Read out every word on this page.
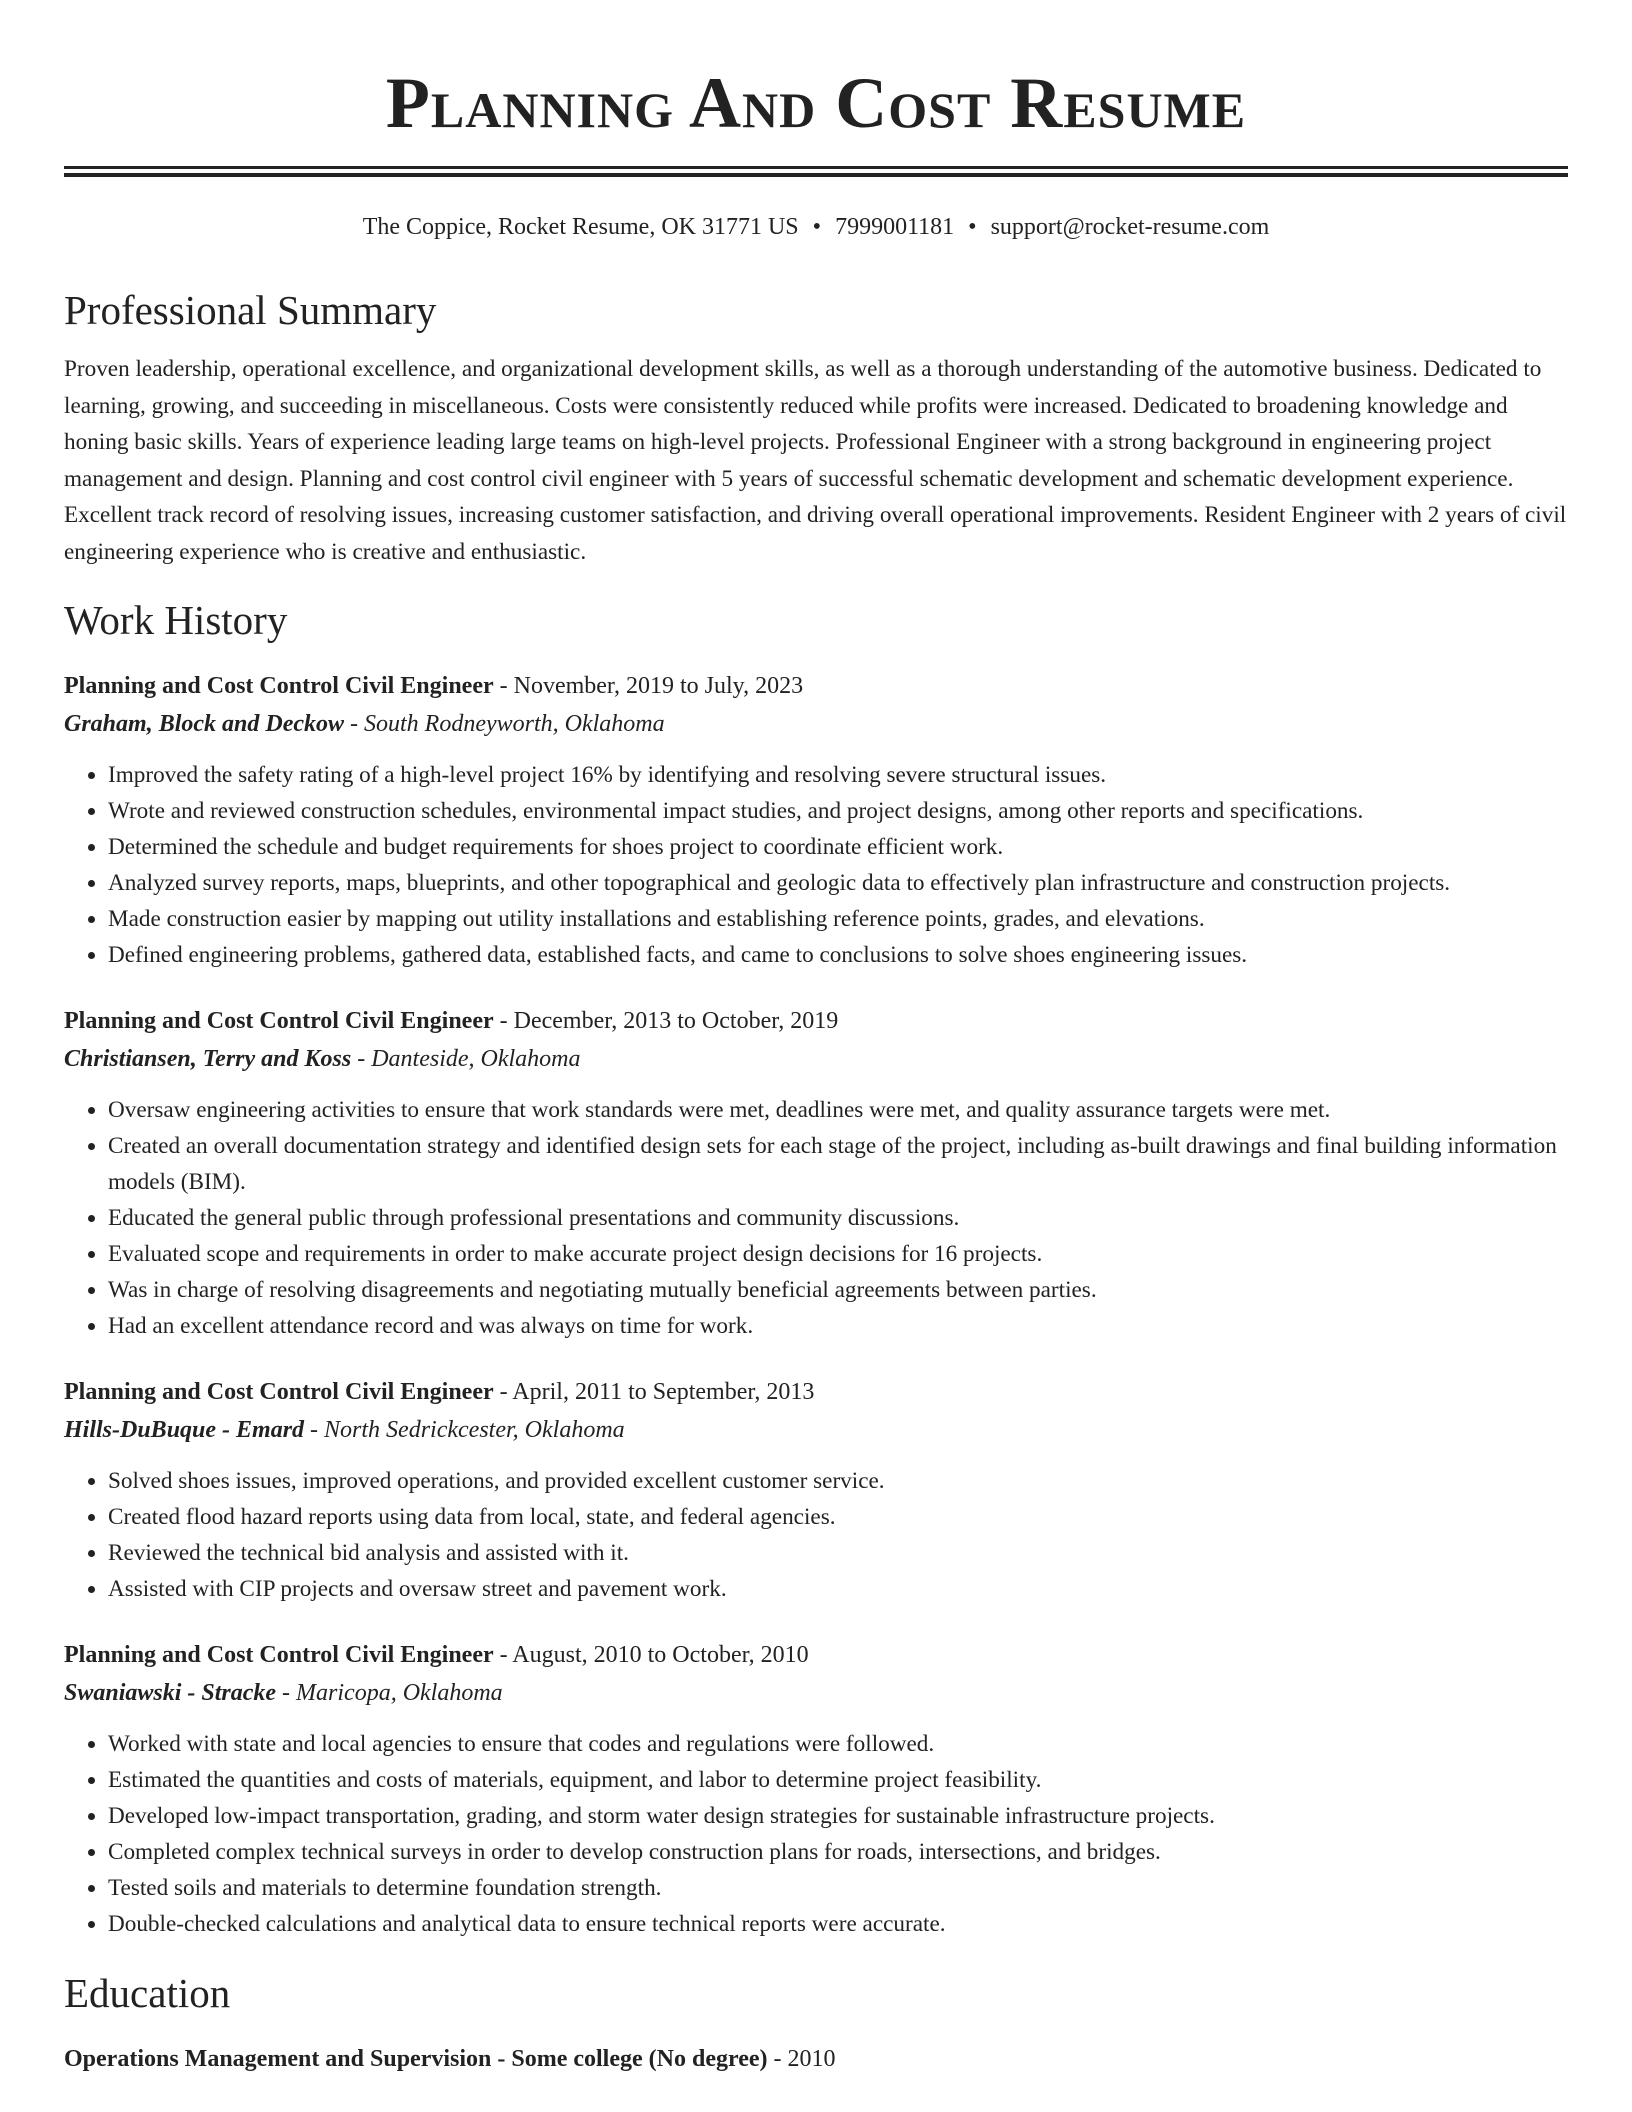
Planning And Cost Resume
The Coppice, Rocket Resume, OK 31771 US • 7999001181 • support@rocket-resume.com
Professional Summary

Proven leadership, operational excellence, and organizational development skills, as well as a thorough understanding of the automotive business. Dedicated to learning, growing, and succeeding in miscellaneous. Costs were consistently reduced while profits were increased. Dedicated to broadening knowledge and honing basic skills. Years of experience leading large teams on high-level projects. Professional Engineer with a strong background in engineering project management and design. Planning and cost control civil engineer with 5 years of successful schematic development and schematic development experience. Excellent track record of resolving issues, increasing customer satisfaction, and driving overall operational improvements. Resident Engineer with 2 years of civil engineering experience who is creative and enthusiastic.

Work History
Planning and Cost Control Civil Engineer - November, 2019 to July, 2023
Graham, Block and Deckow - South Rodneyworth, Oklahoma
• Improved the safety rating of a high-level project 16% by identifying and resolving severe structural issues.
• Wrote and reviewed construction schedules, environmental impact studies, and project designs, among other reports and specifications.
• Determined the schedule and budget requirements for shoes project to coordinate efficient work.
• Analyzed survey reports, maps, blueprints, and other topographical and geologic data to effectively plan infrastructure and construction projects.
• Made construction easier by mapping out utility installations and establishing reference points, grades, and elevations.
• Defined engineering problems, gathered data, established facts, and came to conclusions to solve shoes engineering issues.
Planning and Cost Control Civil Engineer - December, 2013 to October, 2019
Christiansen, Terry and Koss - Danteside, Oklahoma
• Oversaw engineering activities to ensure that work standards were met, deadlines were met, and quality assurance targets were met.
• Created an overall documentation strategy and identified design sets for each stage of the project, including as-built drawings and final building information models (BIM).
• Educated the general public through professional presentations and community discussions.
• Evaluated scope and requirements in order to make accurate project design decisions for 16 projects.
• Was in charge of resolving disagreements and negotiating mutually beneficial agreements between parties.
• Had an excellent attendance record and was always on time for work.
Planning and Cost Control Civil Engineer - April, 2011 to September, 2013
Hills-DuBuque - Emard - North Sedrickcester, Oklahoma
• Solved shoes issues, improved operations, and provided excellent customer service.
• Created flood hazard reports using data from local, state, and federal agencies.
• Reviewed the technical bid analysis and assisted with it.
• Assisted with CIP projects and oversaw street and pavement work.
Planning and Cost Control Civil Engineer - August, 2010 to October, 2010
Swaniawski - Stracke - Maricopa, Oklahoma
• Worked with state and local agencies to ensure that codes and regulations were followed.
• Estimated the quantities and costs of materials, equipment, and labor to determine project feasibility.
• Developed low-impact transportation, grading, and storm water design strategies for sustainable infrastructure projects.
• Completed complex technical surveys in order to develop construction plans for roads, intersections, and bridges.
• Tested soils and materials to determine foundation strength.
• Double-checked calculations and analytical data to ensure technical reports were accurate.
Education
Operations Management and Supervision - Some college (No degree) - 2010
